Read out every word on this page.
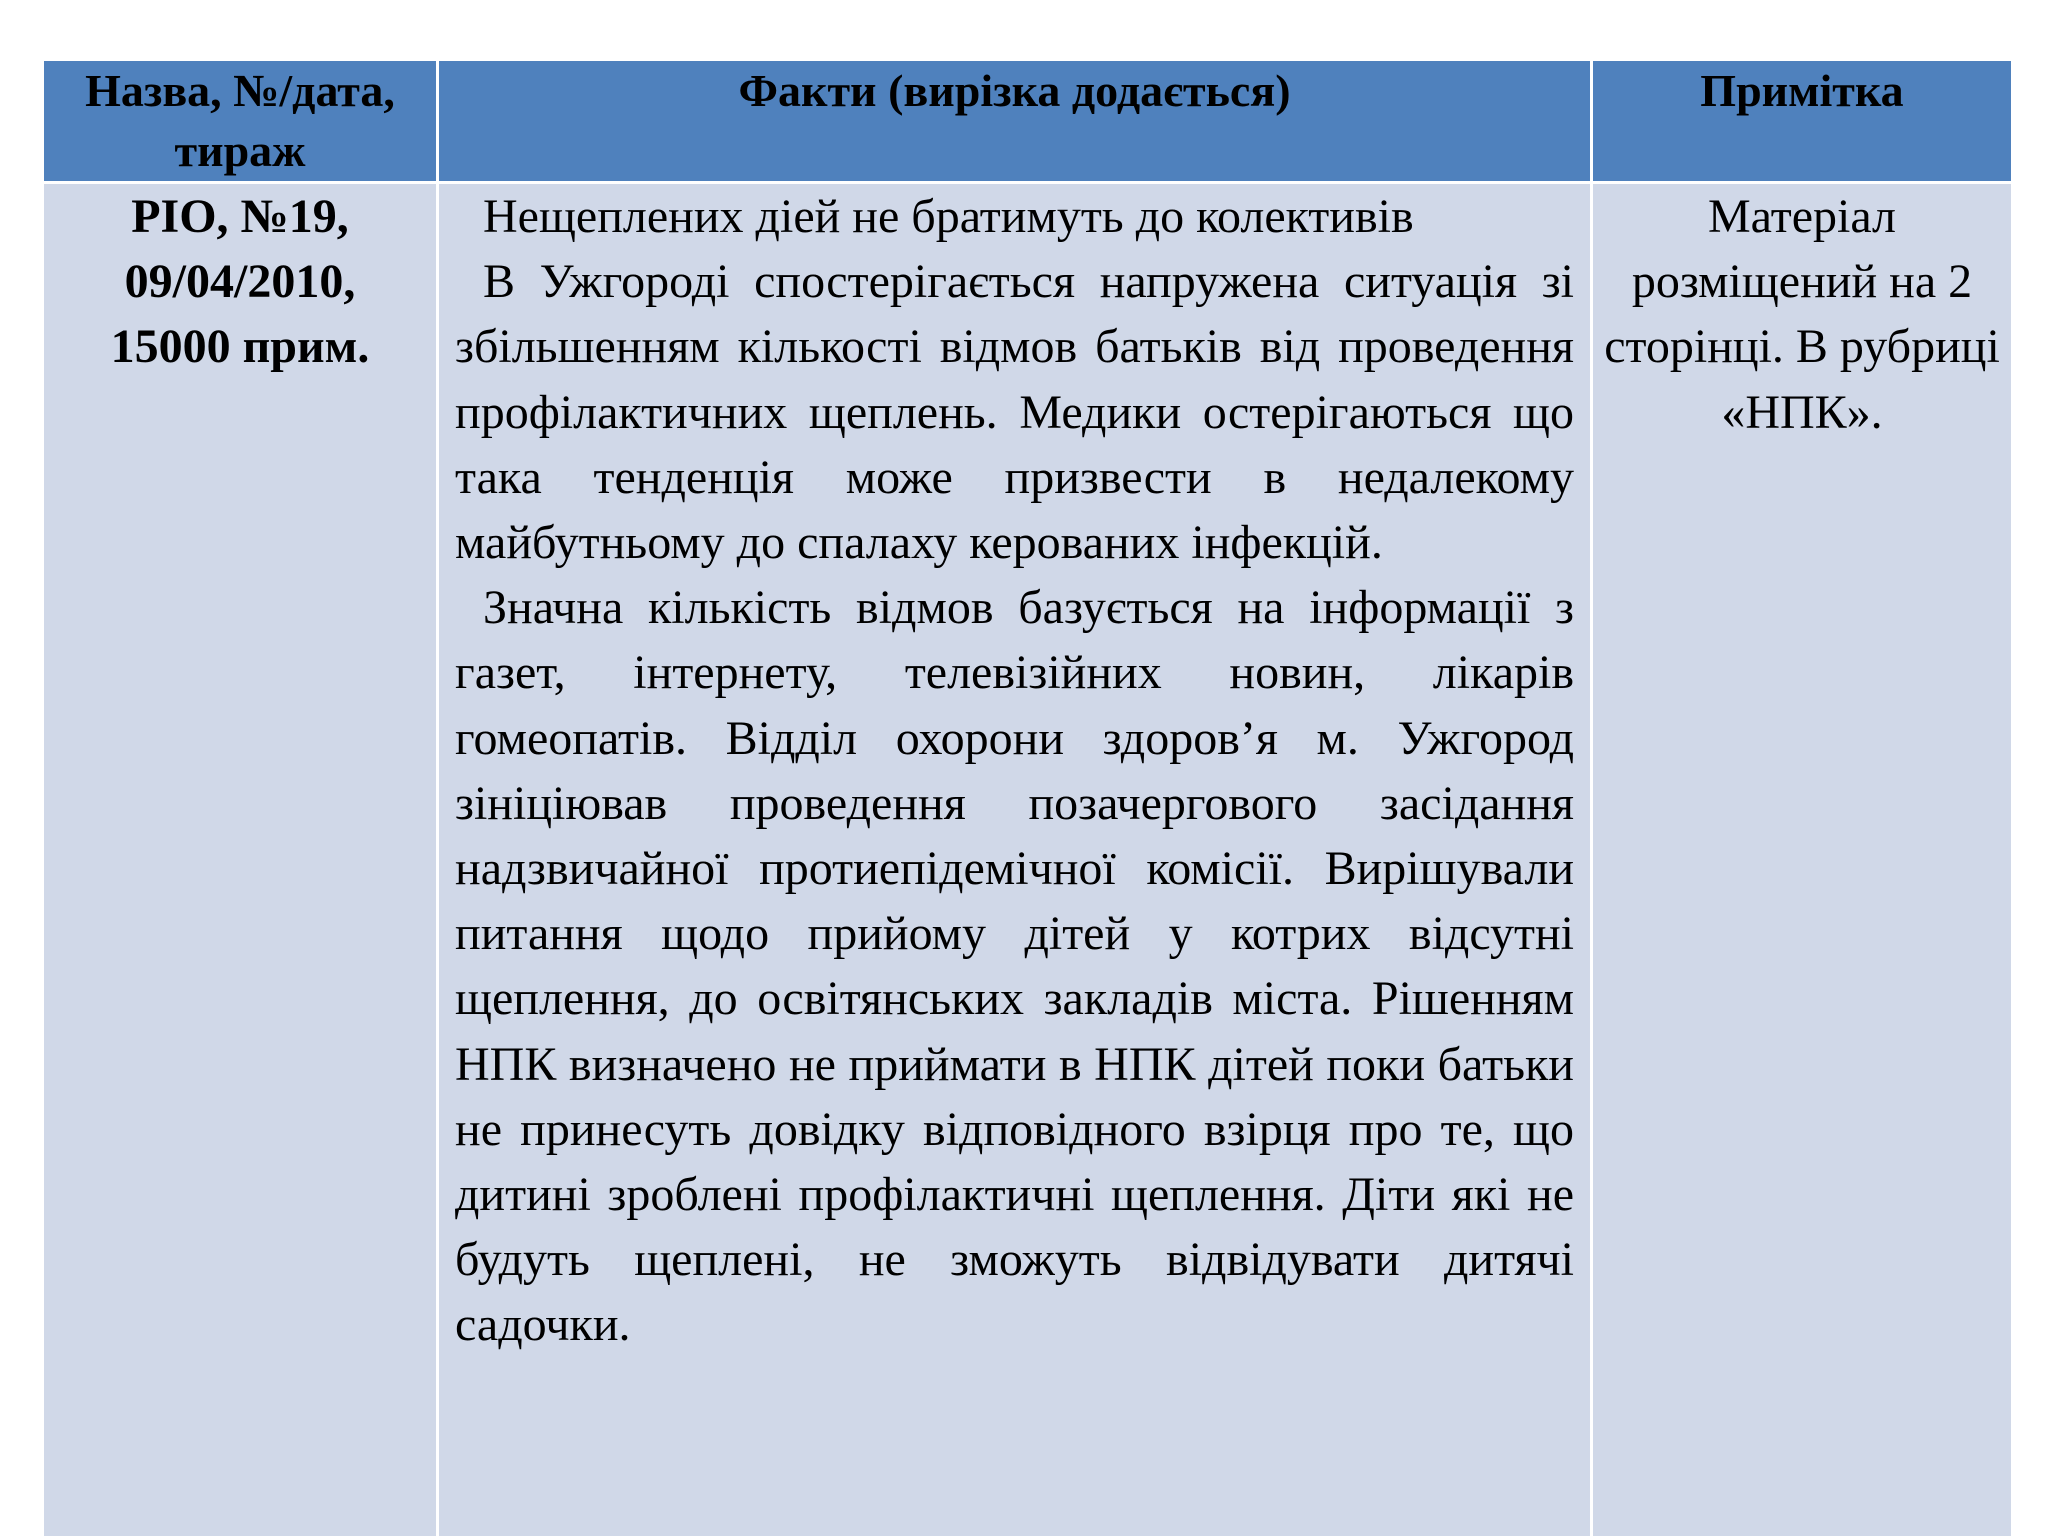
Назва, №/дата, тираж	Факти (вирізка додається)	Примітка
РІО, №19, 09/04/2010, 15000 прим.	Нещеплених діей не братимуть до колективів

В Ужгороді спостерігається напружена ситуація зі збільшенням кількості відмов батьків від проведення профілактичних щеплень. Медики остерігаються що така тенденція може призвести в недалекому майбутньому до спалаху керованих інфекцій.

Значна кількість відмов базується на інформації з газет, інтернету, телевізійних новин, лікарів гомеопатів. Відділ охорони здоров’я м. Ужгород зініціював проведення позачергового засідання надзвичайної протиепідемічної комісії. Вирішували питання щодо прийому дітей у котрих відсутні щеплення, до освітянських закладів міста. Рішенням НПК визначено не приймати в НПК дітей поки батьки не принесуть довідку відповідного взірця про те, що дитині зроблені профілактичні щеплення. Діти які не будуть щеплені, не зможуть відвідувати дитячі садочки.	Матеріал розміщений на 2 сторінці. В рубриці «НПК».
